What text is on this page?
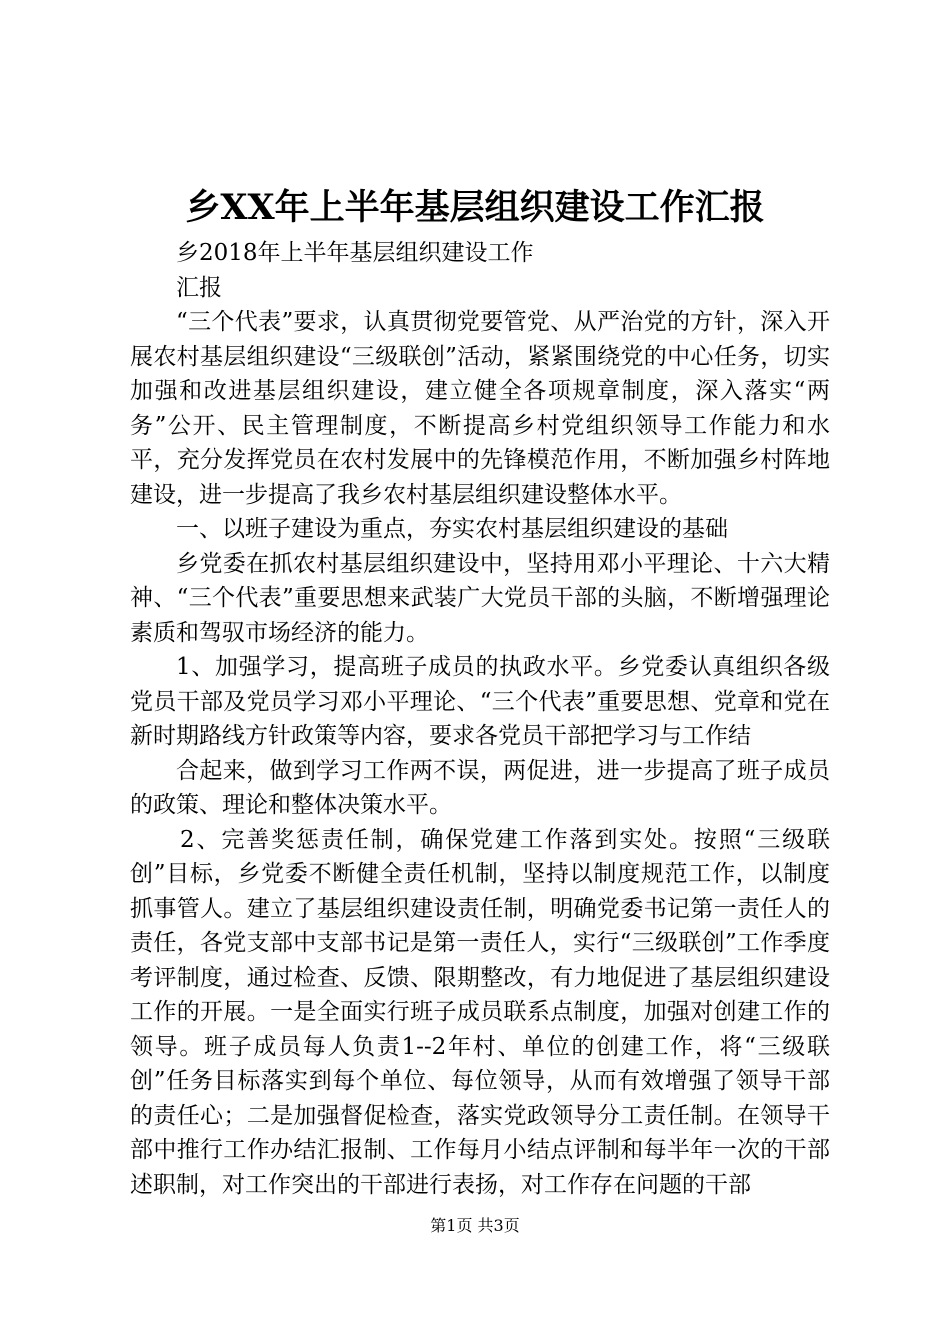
乡XX年上半年基层组织建设工作汇报

乡2018年上半年基层组织建设工作

汇报

“三个代表”要求，认真贯彻党要管党、从严治党的方针，深入开展农村基层组织建设“三级联创”活动，紧紧围绕党的中心任务，切实加强和改进基层组织建设，建立健全各项规章制度，深入落实“两务”公开、民主管理制度，不断提高乡村党组织领导工作能力和水平，充分发挥党员在农村发展中的先锋模范作用，不断加强乡村阵地建设，进一步提高了我乡农村基层组织建设整体水平。

一、以班子建设为重点，夯实农村基层组织建设的基础

乡党委在抓农村基层组织建设中，坚持用邓小平理论、十六大精神、“三个代表”重要思想来武装广大党员干部的头脑，不断增强理论素质和驾驭市场经济的能力。

1、加强学习，提高班子成员的执政水平。乡党委认真组织各级党员干部及党员学习邓小平理论、“三个代表”重要思想、党章和党在新时期路线方针政策等内容，要求各党员干部把学习与工作结

合起来，做到学习工作两不误，两促进，进一步提高了班子成员的政策、理论和整体决策水平。

2、完善奖惩责任制，确保党建工作落到实处。按照“三级联创”目标，乡党委不断健全责任机制，坚持以制度规范工作，以制度抓事管人。建立了基层组织建设责任制，明确党委书记第一责任人的责任，各党支部中支部书记是第一责任人，实行“三级联创”工作季度考评制度，通过检查、反馈、限期整改，有力地促进了基层组织建设工作的开展。一是全面实行班子成员联系点制度，加强对创建工作的领导。班子成员每人负责1--2年村、单位的创建工作，将“三级联创”任务目标落实到每个单位、每位领导，从而有效增强了领导干部的责任心；二是加强督促检查，落实党政领导分工责任制。在领导干部中推行工作办结汇报制、工作每月小结点评制和每半年一次的干部述职制，对工作突出的干部进行表扬，对工作存在问题的干部

第1页 共3页
